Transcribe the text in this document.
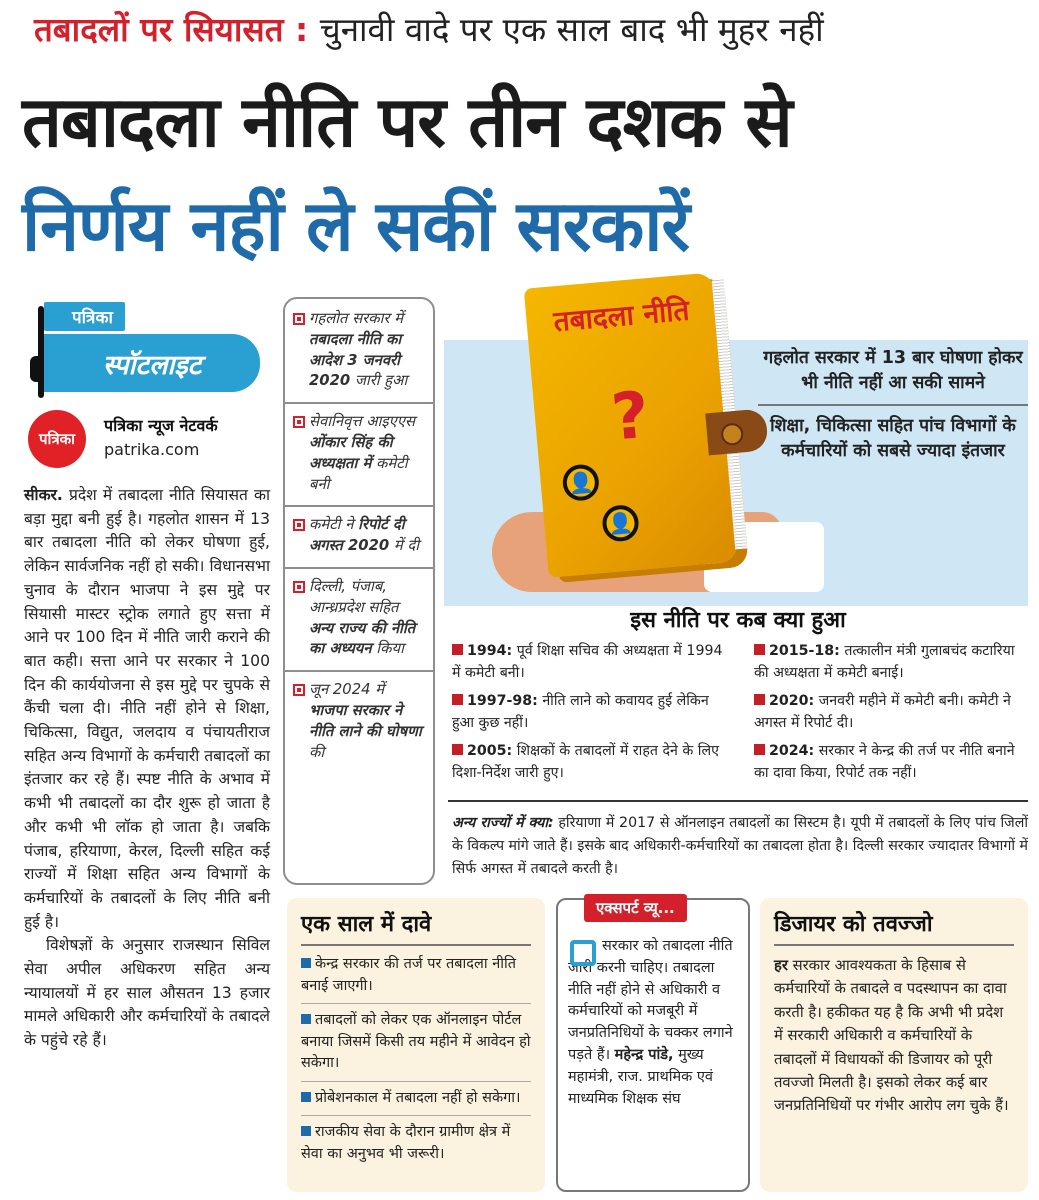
तबादलों पर सियासत : चुनावी वादे पर एक साल बाद भी मुहर नहीं
तबादला नीति पर तीन दशक से
निर्णय नहीं ले सकीं सरकारें
पत्रिका
स्पॉटलाइट
पत्रिका
पत्रिका न्यूज नेटवर्क
patrika.com

सीकर. प्रदेश में तबादला नीति सियासत का बड़ा मुद्दा बनी हुई है। गहलोत शासन में 13 बार तबादला नीति को लेकर घोषणा हुई, लेकिन सार्वजनिक नहीं हो सकी। विधानसभा चुनाव के दौरान भाजपा ने इस मुद्दे पर सियासी मास्टर स्ट्रोक लगाते हुए सत्ता में आने पर 100 दिन में नीति जारी कराने की बात कही। सत्ता आने पर सरकार ने 100 दिन की कार्ययोजना से इस मुद्दे पर चुपके से कैंची चला दी। नीति नहीं होने से शिक्षा, चिकित्सा, विद्युत, जलदाय व पंचायतीराज सहित अन्य विभागों के कर्मचारी तबादलों का इंतजार कर रहे हैं। स्पष्ट नीति के अभाव में कभी भी तबादलों का दौर शुरू हो जाता है और कभी भी लॉक हो जाता है। जबकि पंजाब, हरियाणा, केरल, दिल्ली सहित कई राज्यों में शिक्षा सहित अन्य विभागों के कर्मचारियों के तबादलों के लिए नीति बनी हुई है।

विशेषज्ञों के अनुसार राजस्थान सिविल सेवा अपील अधिकरण सहित अन्य न्यायालयों में हर साल औसतन 13 हजार मामले अधिकारी और कर्मचारियों के तबादले के पहुंचे रहे हैं।

गहलोत सरकार में तबादला नीति का आदेश 3 जनवरी 2020 जारी हुआ
सेवानिवृत्त आइएएस ओंकार सिंह की अध्यक्षता में कमेटी बनी
कमेटी ने रिपोर्ट दी अगस्त 2020 में दी
दिल्ली, पंजाब, आन्ध्रप्रदेश सहित अन्य राज्य की नीति का अध्ययन किया
जून 2024 में भाजपा सरकार ने नीति लाने की घोषणा की
तबादला नीति
?
👤
👤
गहलोत सरकार में 13 बार घोषणा होकर भी नीति नहीं आ सकी सामने
शिक्षा, चिकित्सा सहित पांच विभागों के कर्मचारियों को सबसे ज्यादा इंतजार
इस नीति पर कब क्या हुआ
1994: पूर्व शिक्षा सचिव की अध्यक्षता में 1994 में कमेटी बनी।
1997-98: नीति लाने को कवायद हुई लेकिन हुआ कुछ नहीं।
2005: शिक्षकों के तबादलों में राहत देने के लिए दिशा-निर्देश जारी हुए।
2015-18: तत्कालीन मंत्री गुलाबचंद कटारिया की अध्यक्षता में कमेटी बनाई।
2020: जनवरी महीने में कमेटी बनी। कमेटी ने अगस्त में रिपोर्ट दी।
2024: सरकार ने केन्द्र की तर्ज पर नीति बनाने का दावा किया, रिपोर्ट तक नहीं।
अन्य राज्यों में क्या: हरियाणा में 2017 से ऑनलाइन तबादलों का सिस्टम है। यूपी में तबादलों के लिए पांच जिलों के विकल्प मांगे जाते हैं। इसके बाद अधिकारी-कर्मचारियों का तबादला होता है। दिल्ली सरकार ज्यादातर विभागों में सिर्फ अगस्त में तबादले करती है।
एक साल में दावे
केन्द्र सरकार की तर्ज पर तबादला नीति बनाई जाएगी।
तबादलों को लेकर एक ऑनलाइन पोर्टल बनाया जिसमें किसी तय महीने में आवेदन हो सकेगा।
प्रोबेशनकाल में तबादला नहीं हो सकेगा।
राजकीय सेवा के दौरान ग्रामीण क्षेत्र में सेवा का अनुभव भी जरूरी।
एक्सपर्ट व्यू...
सरकार को तबादला नीति जारी करनी चाहिए। तबादला नीति नहीं होने से अधिकारी व कर्मचारियों को मजबूरी में जनप्रतिनिधियों के चक्कर लगाने पड़ते हैं। महेन्द्र पांडे, मुख्य महामंत्री, राज. प्राथमिक एवं माध्यमिक शिक्षक संघ
डिजायर को तवज्जो
हर सरकार आवश्यकता के हिसाब से कर्मचारियों के तबादले व पदस्थापन का दावा करती है। हकीकत यह है कि अभी भी प्रदेश में सरकारी अधिकारी व कर्मचारियों के तबादलों में विधायकों की डिजायर को पूरी तवज्जो मिलती है। इसको लेकर कई बार जनप्रतिनिधियों पर गंभीर आरोप लग चुके हैं।
